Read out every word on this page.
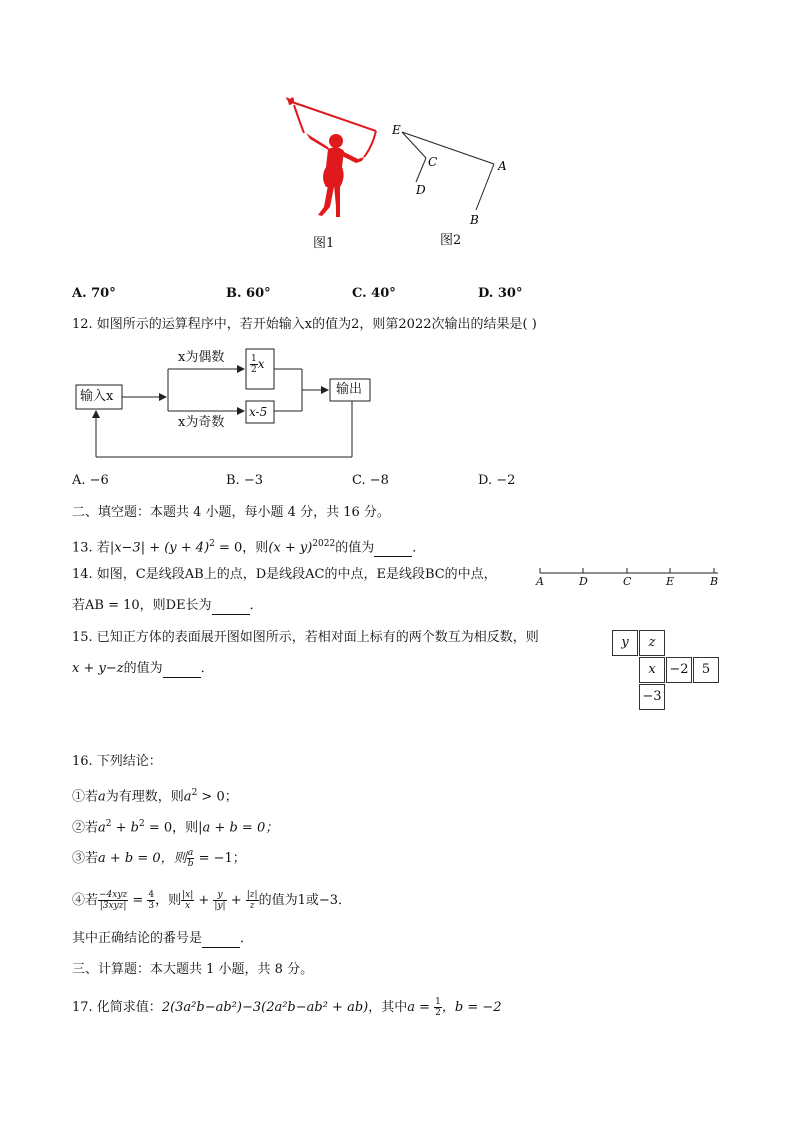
图1
E
C
D
A
B
图2
A. 70°	B. 60°	C. 40°	D. 30°
12. 如图所示的运算程序中，若开始输入x的值为2，则第2022次输出的结果是( )
输入x
x为偶数
x为奇数
$\frac{1}{2}$ x
x-5
输出
A. −6	B. −3	C. −8	D. −2
二、填空题：本题共 4 小题，每小题 4 分，共 16 分。
13. 若$|x-3| + (y + 4)^2 = 0$，则$(x + y)^{2022}$的值为	．
14. 如图，C是线段AB上的点，D是线段AC的中点，E是线段BC的中点，
若AB = 10，则DE长为	．
A	D	C	E	B
15. 已知正方体的表面展开图如图所示，若相对面上标有的两个数互为相反数，则
x + y−z的值为	．
y	z
x	−2	5
−3
16. 下列结论：
①若a为有理数，则$a^2 > 0$；
②若$a^2 + b^2 = 0$，则|a + b = 0；
③若a + b = 0，则 $\frac{a}{b} = -1$；
④若 $\frac{\text{−4xyz}}{\text{|3xyz|}} = \frac{4}{3}$ ，则 $\frac{|x|}{x} + \frac{y}{|y|} + \frac{|z|}{z}$ 的值为1或−3．
其中正确结论的番号是	．
三、计算题：本大题共 1 小题，共 8 分。
17. 化简求值：2(3a²b−ab²)−3(2a²b−ab² + ab)，其中$a = \frac{1}{2}$ ，b = −2
